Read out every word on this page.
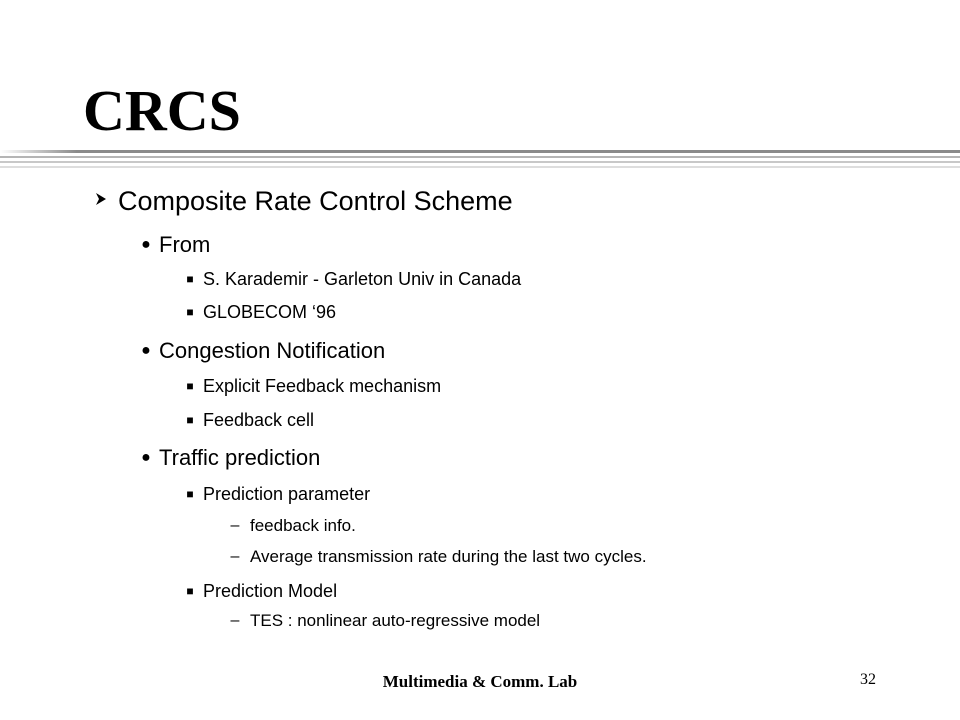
CRCS
Composite Rate Control Scheme
● From
■ S. Karademir - Garleton Univ in Canada
■ GLOBECOM ‘96
● Congestion Notification
■ Explicit Feedback mechanism
■ Feedback cell
● Traffic prediction
■ Prediction parameter
– feedback info.
– Average transmission rate during the last two cycles.
■ Prediction Model
– TES : nonlinear auto-regressive model
Multimedia & Comm. Lab	32
